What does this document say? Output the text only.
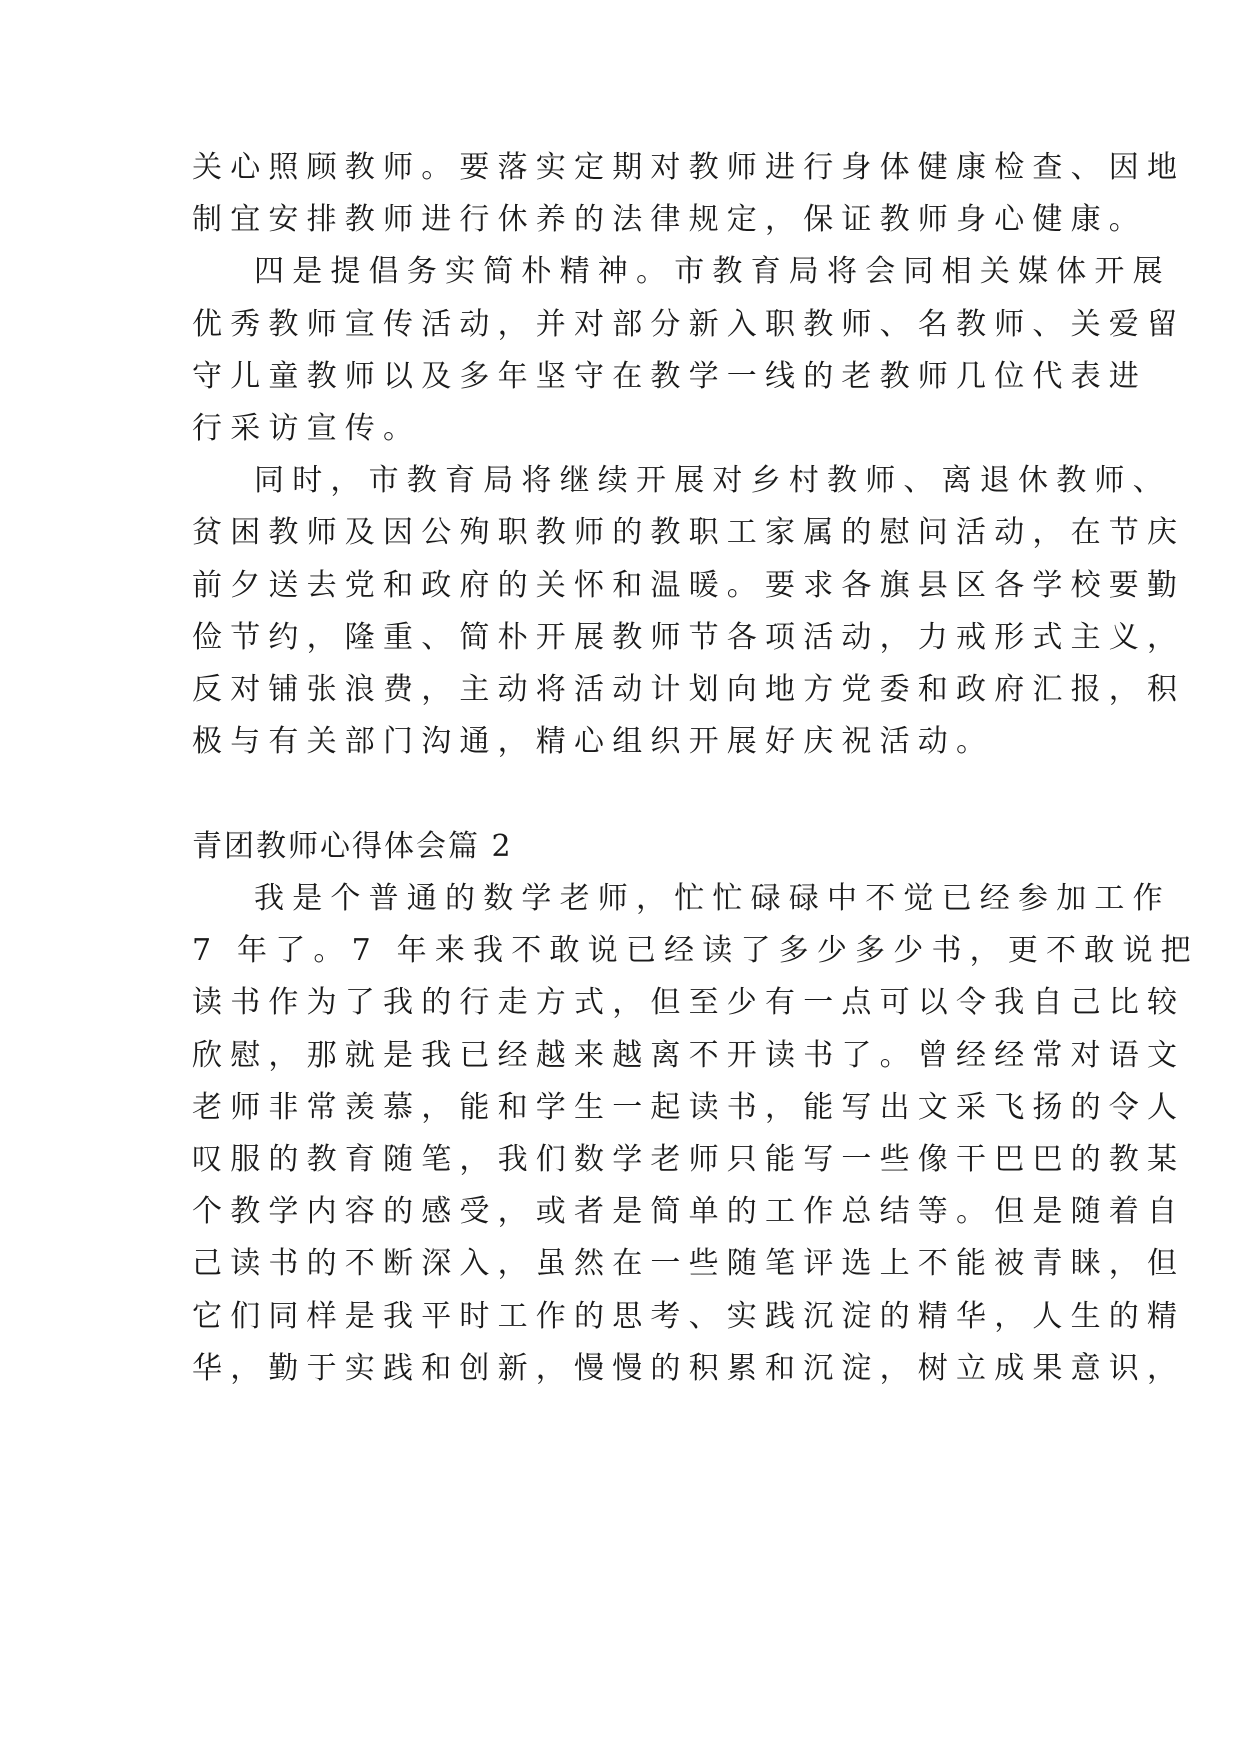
关心照顾教师。要落实定期对教师进行身体健康检查、因地
制宜安排教师进行休养的法律规定，保证教师身心健康。
四是提倡务实简朴精神。市教育局将会同相关媒体开展
优秀教师宣传活动，并对部分新入职教师、名教师、关爱留
守儿童教师以及多年坚守在教学一线的老教师几位代表进
行采访宣传。
同时，市教育局将继续开展对乡村教师、离退休教师、
贫困教师及因公殉职教师的教职工家属的慰问活动，在节庆
前夕送去党和政府的关怀和温暖。要求各旗县区各学校要勤
俭节约，隆重、简朴开展教师节各项活动，力戒形式主义，
反对铺张浪费，主动将活动计划向地方党委和政府汇报，积
极与有关部门沟通，精心组织开展好庆祝活动。
青团教师心得体会篇 2
我是个普通的数学老师，忙忙碌碌中不觉已经参加工作
7 年了。7 年来我不敢说已经读了多少多少书，更不敢说把
读书作为了我的行走方式，但至少有一点可以令我自己比较
欣慰，那就是我已经越来越离不开读书了。曾经经常对语文
老师非常羡慕，能和学生一起读书，能写出文采飞扬的令人
叹服的教育随笔，我们数学老师只能写一些像干巴巴的教某
个教学内容的感受，或者是简单的工作总结等。但是随着自
己读书的不断深入，虽然在一些随笔评选上不能被青睐，但
它们同样是我平时工作的思考、实践沉淀的精华，人生的精
华，勤于实践和创新，慢慢的积累和沉淀，树立成果意识，
